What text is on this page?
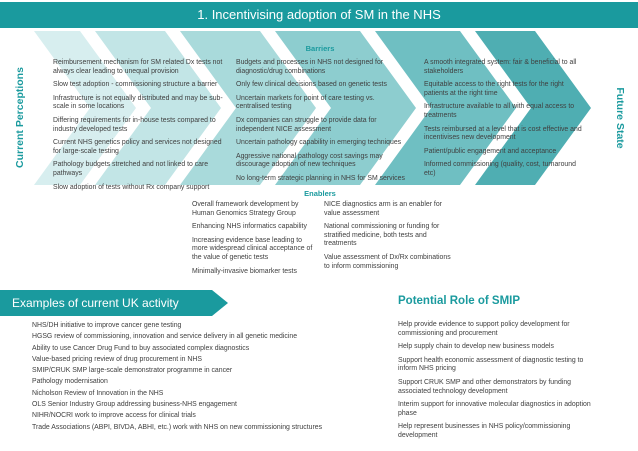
1. Incentivising adoption of SM in the NHS
Barriers
Current Perceptions	Future State
Reimbursement mechanism for SM related Dx tests not always clear leading to unequal provision
Slow test adoption - commissioning structure a barrier
Infrastructure is not equally distributed and may be sub-scale in some locations
Differing requirements for in-house tests compared to industry developed tests
Current NHS genetics policy and services not designed for large-scale testing
Pathology budgets stretched and not linked to care pathways
Slow adoption of tests without Rx company support
Budgets and processes in NHS not designed for diagnostic/drug combinations
Only few clinical decisions based on genetic tests
Uncertain markets for point of care testing vs. centralised testing
Dx companies can struggle to provide data for independent NICE assessment
Uncertain pathology capability in emerging techniques
Aggressive national pathology cost savings may discourage adoption of new techniques
No long-term strategic planning in NHS for SM services
A smooth integrated system: fair & beneficial to all stakeholders
Equitable access to the right tests for the right patients at the right time
Infrastructure available to all with equal access to treatments
Tests reimbursed at a level that is cost effective and incentivises new development
Patient/public engagement and acceptance
Informed commissioning (quality, cost, turnaround etc)
Enablers
Overall framework development by Human Genomics Strategy Group
Enhancing NHS informatics capability
Increasing evidence base leading to more widespread clinical acceptance of the value of genetic tests
Minimally-invasive biomarker tests
NICE diagnostics arm is an enabler for value assessment
National commissioning or funding for stratified medicine, both tests and treatments
Value assessment of Dx/Rx combinations to inform commissioning
Examples of current UK activity
NHS/DH initiative to improve cancer gene testing
HGSG review of commissioning, innovation and service delivery in all genetic medicine
Ability to use Cancer Drug Fund to buy associated complex diagnostics
Value-based pricing review of drug procurement in NHS
SMIP/CRUK SMP large-scale demonstrator programme in cancer
Pathology modernisation
Nicholson Review of Innovation in the NHS
OLS Senior Industry Group addressing business-NHS engagement
NIHR/NOCRI work to improve access for clinical trials
Trade Associations (ABPI, BIVDA, ABHI, etc.) work with NHS on new commissioning structures
Potential Role of SMIP
Help provide evidence to support policy development for commissioning and procurement
Help supply chain to develop new business models
Support health economic assessment of diagnostic testing to inform NHS pricing
Support CRUK SMP and other demonstrators by funding associated technology development
Interim support for innovative molecular diagnostics in adoption phase
Help represent businesses in NHS policy/commissioning development
